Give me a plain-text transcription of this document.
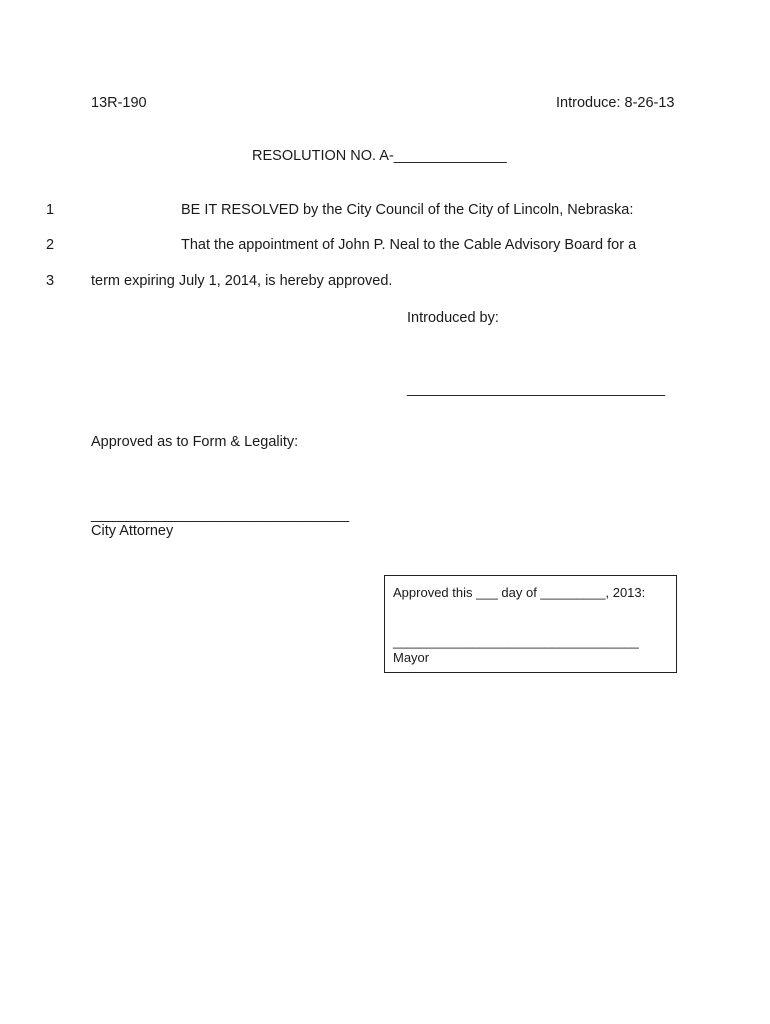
13R-190	Introduce: 8-26-13
RESOLUTION NO. A-______________
1	BE IT RESOLVED by the City Council of the City of Lincoln, Nebraska:
2	That the appointment of John P. Neal to the Cable Advisory Board for a
3	term expiring July 1, 2014, is hereby approved.
Introduced by:
________________________________
Approved as to Form & Legality:
________________________________
City Attorney
Approved this ___ day of _________, 2013:
__________________________________
Mayor
